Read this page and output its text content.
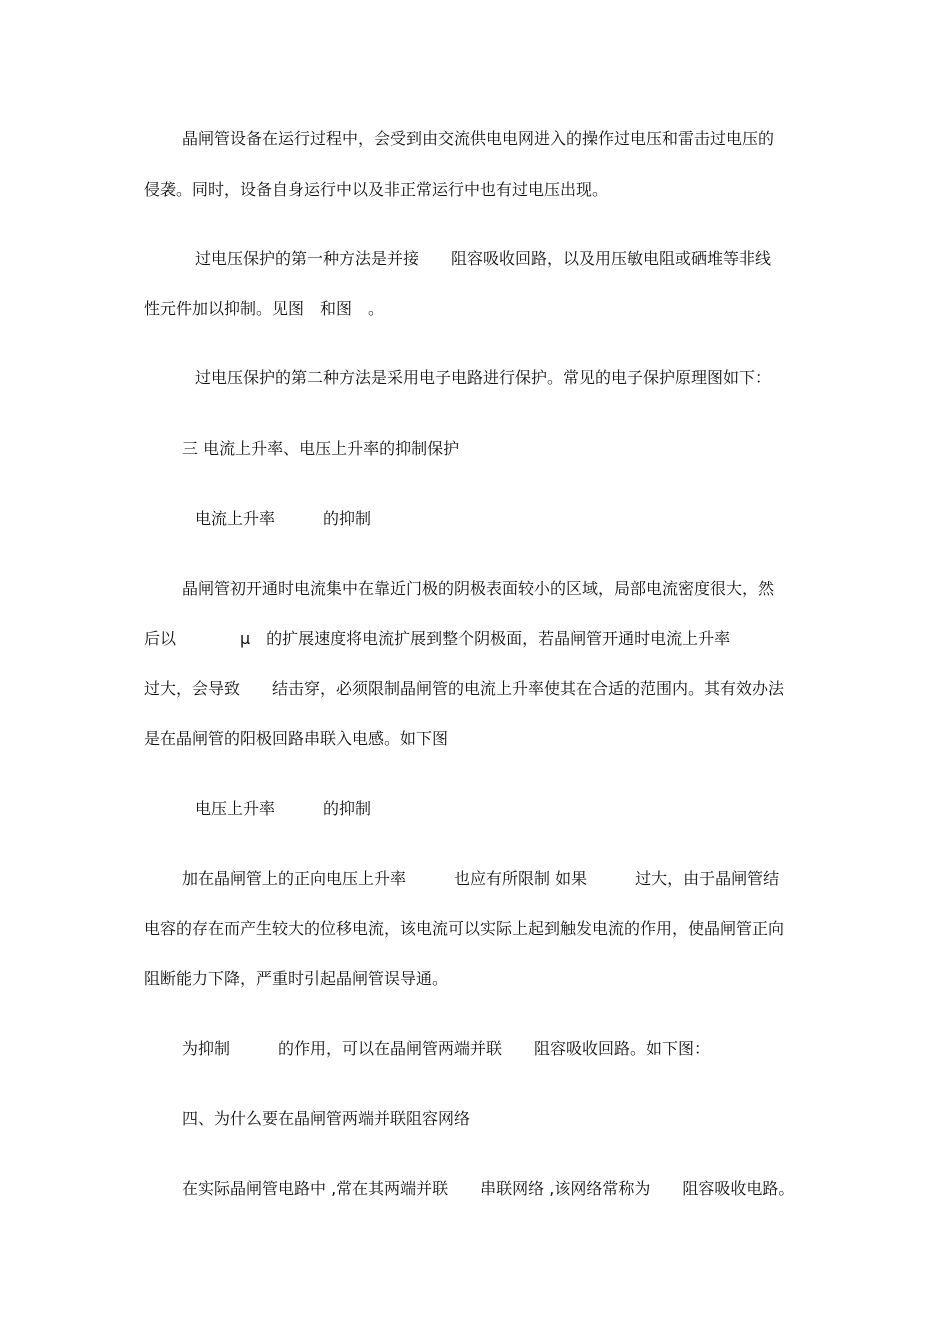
晶闸管设备在运行过程中，会受到由交流供电电网进入的操作过电压和雷击过电压的
侵袭。同时，设备自身运行中以及非正常运行中也有过电压出现。
过电压保护的第一种方法是并接　　阻容吸收回路，以及用压敏电阻或硒堆等非线
性元件加以抑制。见图　和图　。
过电压保护的第二种方法是采用电子电路进行保护。常见的电子保护原理图如下：
三 电流上升率、电压上升率的抑制保护
电流上升率　　　的抑制
晶闸管初开通时电流集中在靠近门极的阴极表面较小的区域，局部电流密度很大，然
后以　　　　μ　的扩展速度将电流扩展到整个阴极面，若晶闸管开通时电流上升率
过大，会导致　　结击穿，必须限制晶闸管的电流上升率使其在合适的范围内。其有效办法
是在晶闸管的阳极回路串联入电感。如下图
电压上升率　　　的抑制
加在晶闸管上的正向电压上升率　　　也应有所限制 如果　　　过大，由于晶闸管结
电容的存在而产生较大的位移电流，该电流可以实际上起到触发电流的作用，使晶闸管正向
阻断能力下降，严重时引起晶闸管误导通。
为抑制　　　的作用，可以在晶闸管两端并联　　阻容吸收回路。如下图：
四、为什么要在晶闸管两端并联阻容网络
在实际晶闸管电路中 ,常在其两端并联　　串联网络 ,该网络常称为　　阻容吸收电路。
